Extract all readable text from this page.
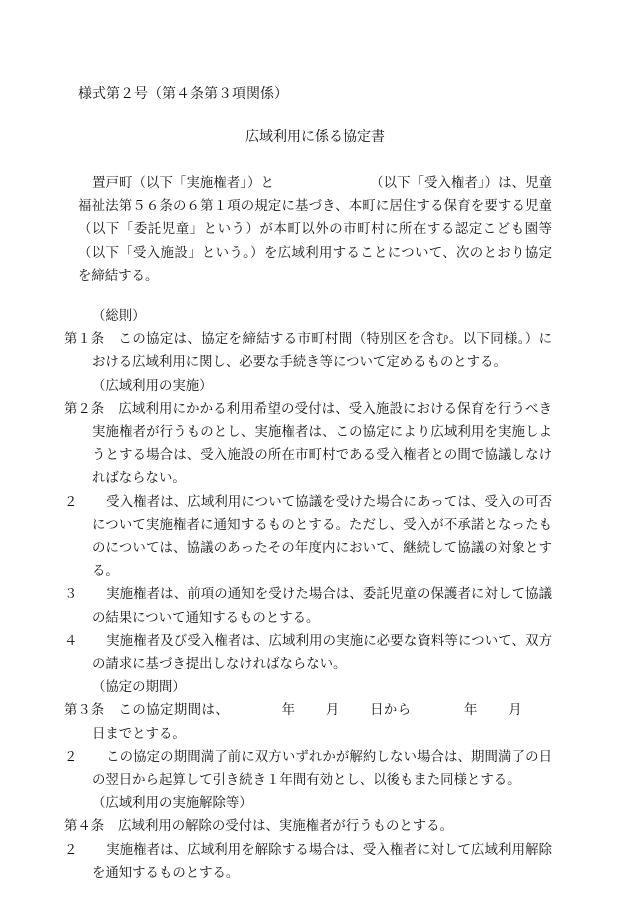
様式第２号（第４条第３項関係）
広域利用に係る協定書
置戸町（以下「実施権者」）と	（以下「受入権者」）は、児童福祉法第５６条の６第１項の規定に基づき、本町に居住する保育を要する児童（以下「委託児童」という）が本町以外の市町村に所在する認定こども園等（以下「受入施設」という。）を広域利用することについて、次のとおり協定を締結する。
（総則）
第１条 この協定は、協定を締結する市町村間（特別区を含む。以下同様。）における広域利用に関し、必要な手続き等について定めるものとする。
（広域利用の実施）
第２条 広域利用にかかる利用希望の受付は、受入施設における保育を行うべき実施権者が行うものとし、実施権者は、この協定により広域利用を実施しようとする場合は、受入施設の所在市町村である受入権者との間で協議しなければならない。
２ 受入権者は、広域利用について協議を受けた場合にあっては、受入の可否について実施権者に通知するものとする。ただし、受入が不承諾となったものについては、協議のあったその年度内において、継続して協議の対象とする。
３ 実施権者は、前項の通知を受けた場合は、委託児童の保護者に対して協議の結果について通知するものとする。
４ 実施権者及び受入権者は、広域利用の実施に必要な資料等について、双方の請求に基づき提出しなければならない。
（協定の期間）
第３条 この協定期間は、	年 月 日から	年 月日までとする。
２ この協定の期間満了前に双方いずれかが解約しない場合は、期間満了の日の翌日から起算して引き続き１年間有効とし、以後もまた同様とする。
（広域利用の実施解除等）
第４条 広域利用の解除の受付は、実施権者が行うものとする。
２ 実施権者は、広域利用を解除する場合は、受入権者に対して広域利用解除を通知するものとする。
